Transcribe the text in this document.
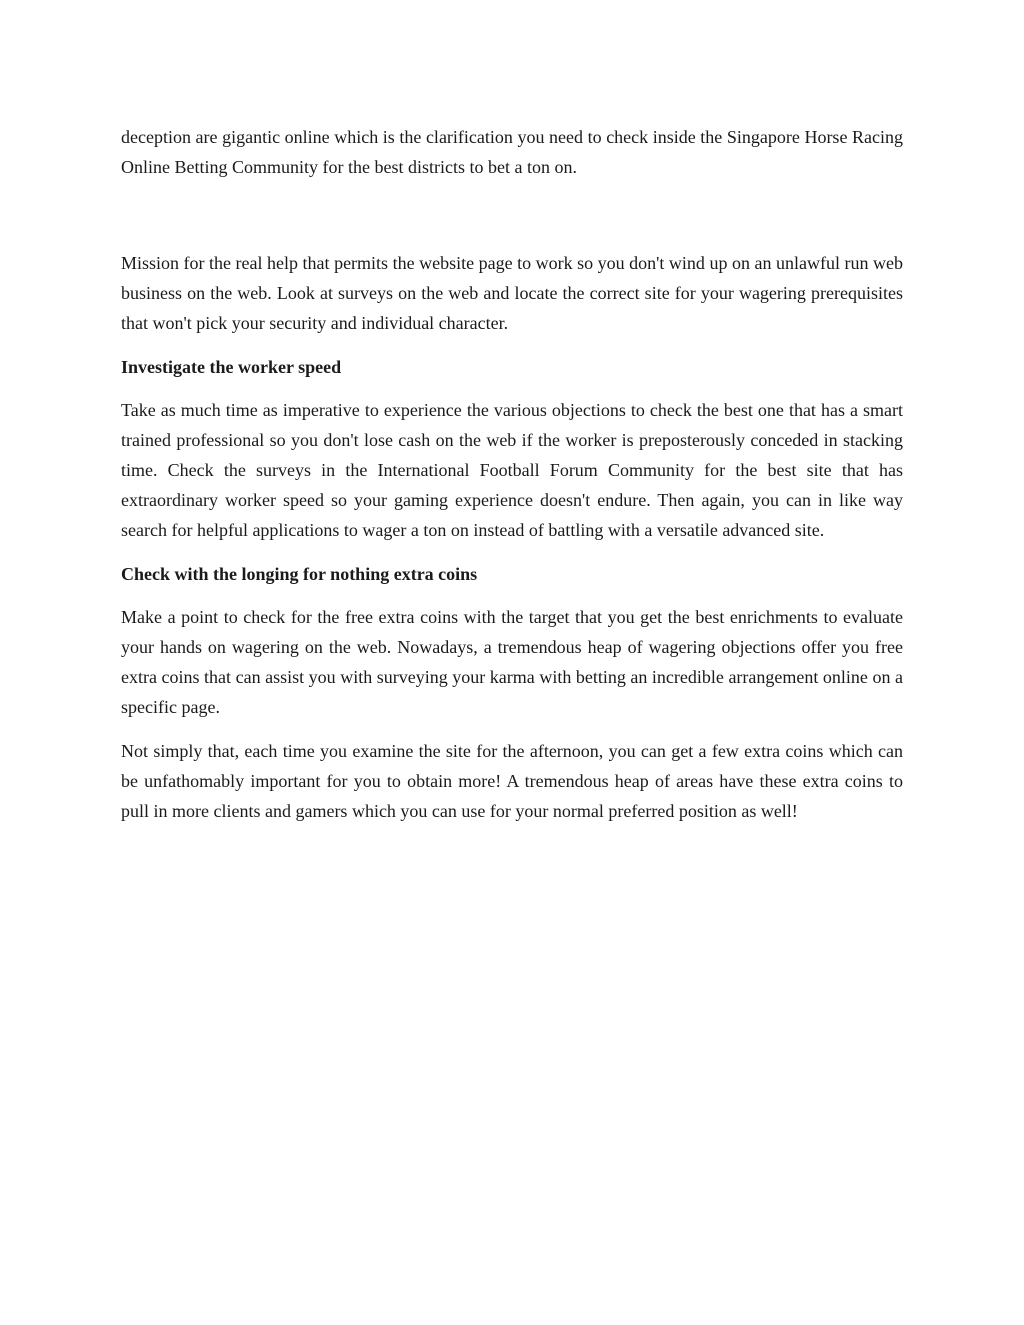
deception are gigantic online which is the clarification you need to check inside the Singapore Horse Racing Online Betting Community for the best districts to bet a ton on.

Mission for the real help that permits the website page to work so you don't wind up on an unlawful run web business on the web. Look at surveys on the web and locate the correct site for your wagering prerequisites that won't pick your security and individual character.

Investigate the worker speed

Take as much time as imperative to experience the various objections to check the best one that has a smart trained professional so you don't lose cash on the web if the worker is preposterously conceded in stacking time. Check the surveys in the International Football Forum Community for the best site that has extraordinary worker speed so your gaming experience doesn't endure. Then again, you can in like way search for helpful applications to wager a ton on instead of battling with a versatile advanced site.

Check with the longing for nothing extra coins

Make a point to check for the free extra coins with the target that you get the best enrichments to evaluate your hands on wagering on the web. Nowadays, a tremendous heap of wagering objections offer you free extra coins that can assist you with surveying your karma with betting an incredible arrangement online on a specific page.

Not simply that, each time you examine the site for the afternoon, you can get a few extra coins which can be unfathomably important for you to obtain more! A tremendous heap of areas have these extra coins to pull in more clients and gamers which you can use for your normal preferred position as well!
